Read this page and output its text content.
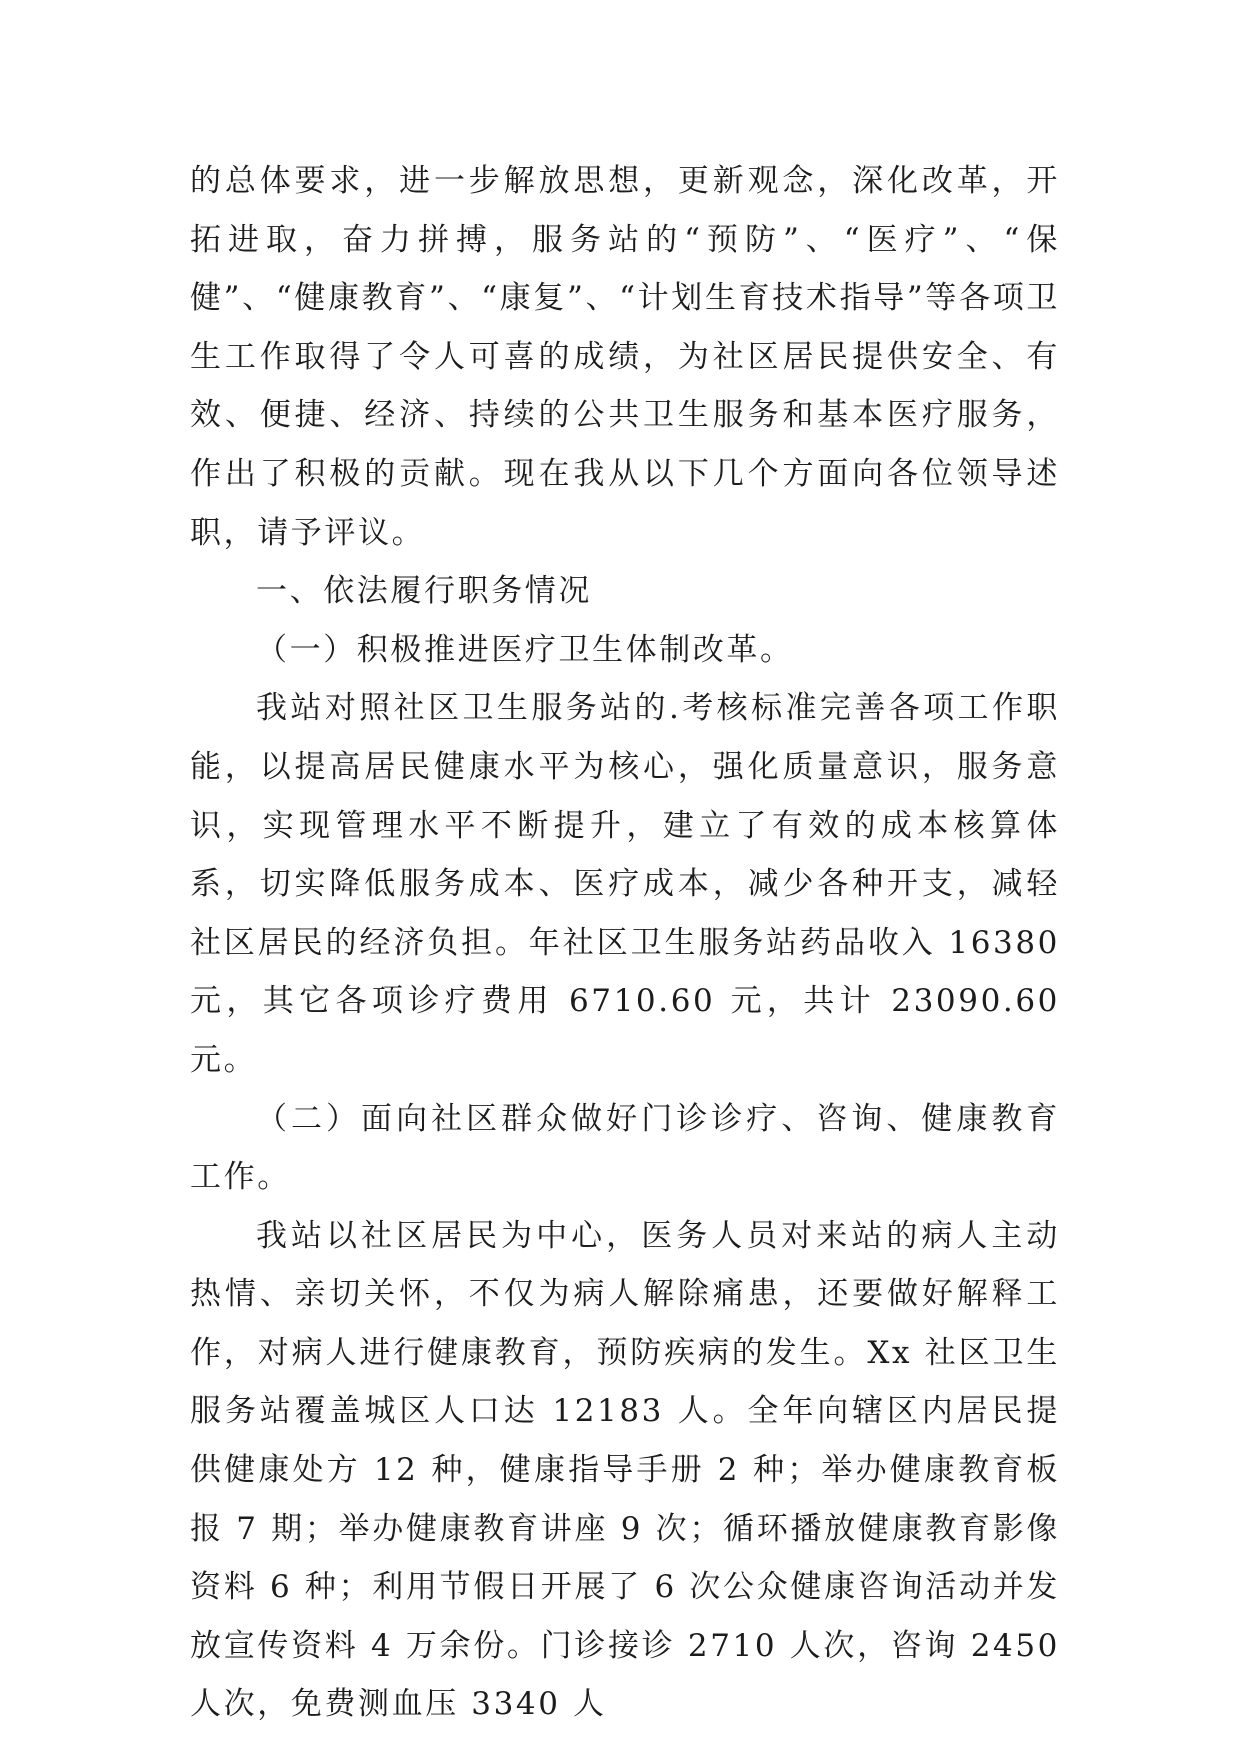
的总体要求，进一步解放思想，更新观念，深化改革，开拓进取，奋力拼搏，服务站的“预防”、“医疗”、“保健”、“健康教育”、“康复”、“计划生育技术指导”等各项卫生工作取得了令人可喜的成绩，为社区居民提供安全、有效、便捷、经济、持续的公共卫生服务和基本医疗服务，作出了积极的贡献。现在我从以下几个方面向各位领导述职，请予评议。

一、依法履行职务情况

（一）积极推进医疗卫生体制改革。

我站对照社区卫生服务站的.考核标准完善各项工作职能，以提高居民健康水平为核心，强化质量意识，服务意识，实现管理水平不断提升，建立了有效的成本核算体系，切实降低服务成本、医疗成本，减少各种开支，减轻社区居民的经济负担。年社区卫生服务站药品收入 16380 元，其它各项诊疗费用 6710.60 元，共计 23090.60 元。

（二）面向社区群众做好门诊诊疗、咨询、健康教育工作。

我站以社区居民为中心，医务人员对来站的病人主动热情、亲切关怀，不仅为病人解除痛患，还要做好解释工作，对病人进行健康教育，预防疾病的发生。Xx 社区卫生服务站覆盖城区人口达 12183 人。全年向辖区内居民提供健康处方 12 种，健康指导手册 2 种；举办健康教育板报 7 期；举办健康教育讲座 9 次；循环播放健康教育影像资料 6 种；利用节假日开展了 6 次公众健康咨询活动并发放宣传资料 4 万余份。门诊接诊 2710 人次，咨询 2450 人次，免费测血压 3340 人
